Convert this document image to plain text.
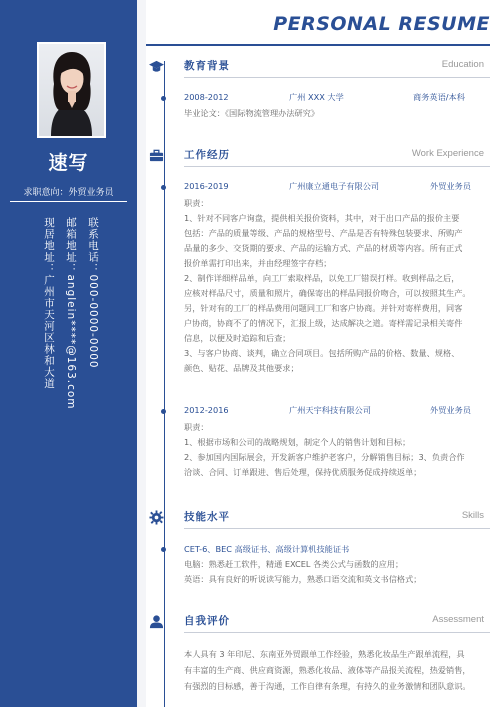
速写
求职意向：外贸业务员
联系电话：000-0000-0000
邮箱地址：anglein****@163.com
现居地址：广州市天河区林和大道
PERSONAL RESUME
教育背景	Education
2008-2012	广州 XXX 大学	商务英语/本科
毕业论文：《国际物流管理办法研究》
工作经历	Work Experience
2016-2019	广州康立通电子有限公司	外贸业务员

职责：

1、针对不同客户询盘，提供相关报价资料，其中，对于出口产品的报价主要

包括：产品的质量等级、产品的规格型号、产品是否有特殊包装要求、所购产

品量的多少、交货期的要求、产品的运输方式、产品的材质等内容。所有正式

报价单需打印出来，并由经理签字存档；

2、制作详细样品单，向工厂索取样品，以免工厂错误打样。收到样品之后，

应核对样品尺寸，质量和照片，确保寄出的样品同报价吻合，可以按照其生产。

另，针对有的工厂的样品费用问题同工厂和客户协商。并针对寄样费用，同客

户协商，协商不了的情况下，汇报上级，达成解决之道。寄样需记录相关寄件

信息，以便及时追踪和后查；

3、与客户协商、谈判，确立合同项目。包括所购产品的价格、数量、规格、

颜色、贴花、品牌及其他要求；

2012-2016	广州天宇科技有限公司	外贸业务员

职责：

1、根据市场和公司的战略规划，制定个人的销售计划和目标；

2、参加国内国际展会，开发新客户维护老客户，分解销售目标；3、负责合作

洽谈、合同、订单跟进、售后处理，保持优质服务促成持续返单；

技能水平	Skills
CET-6、BEC 高级证书、高级计算机技能证书

电脑：熟悉赶工软件，精通 EXCEL 各类公式与函数的应用；

英语：具有良好的听说读写能力，熟悉口语交流和英文书信格式；

自我评价	Assessment

本人具有 3 年印尼、东南亚外贸跟单工作经验，熟悉化妆品生产跟单流程，具

有丰富的生产商、供应商资源，熟悉化妆品、液体等产品报关流程，热爱销售，

有强烈的目标感，善于沟通，工作自律有条理，有持久的业务激情和团队意识。
